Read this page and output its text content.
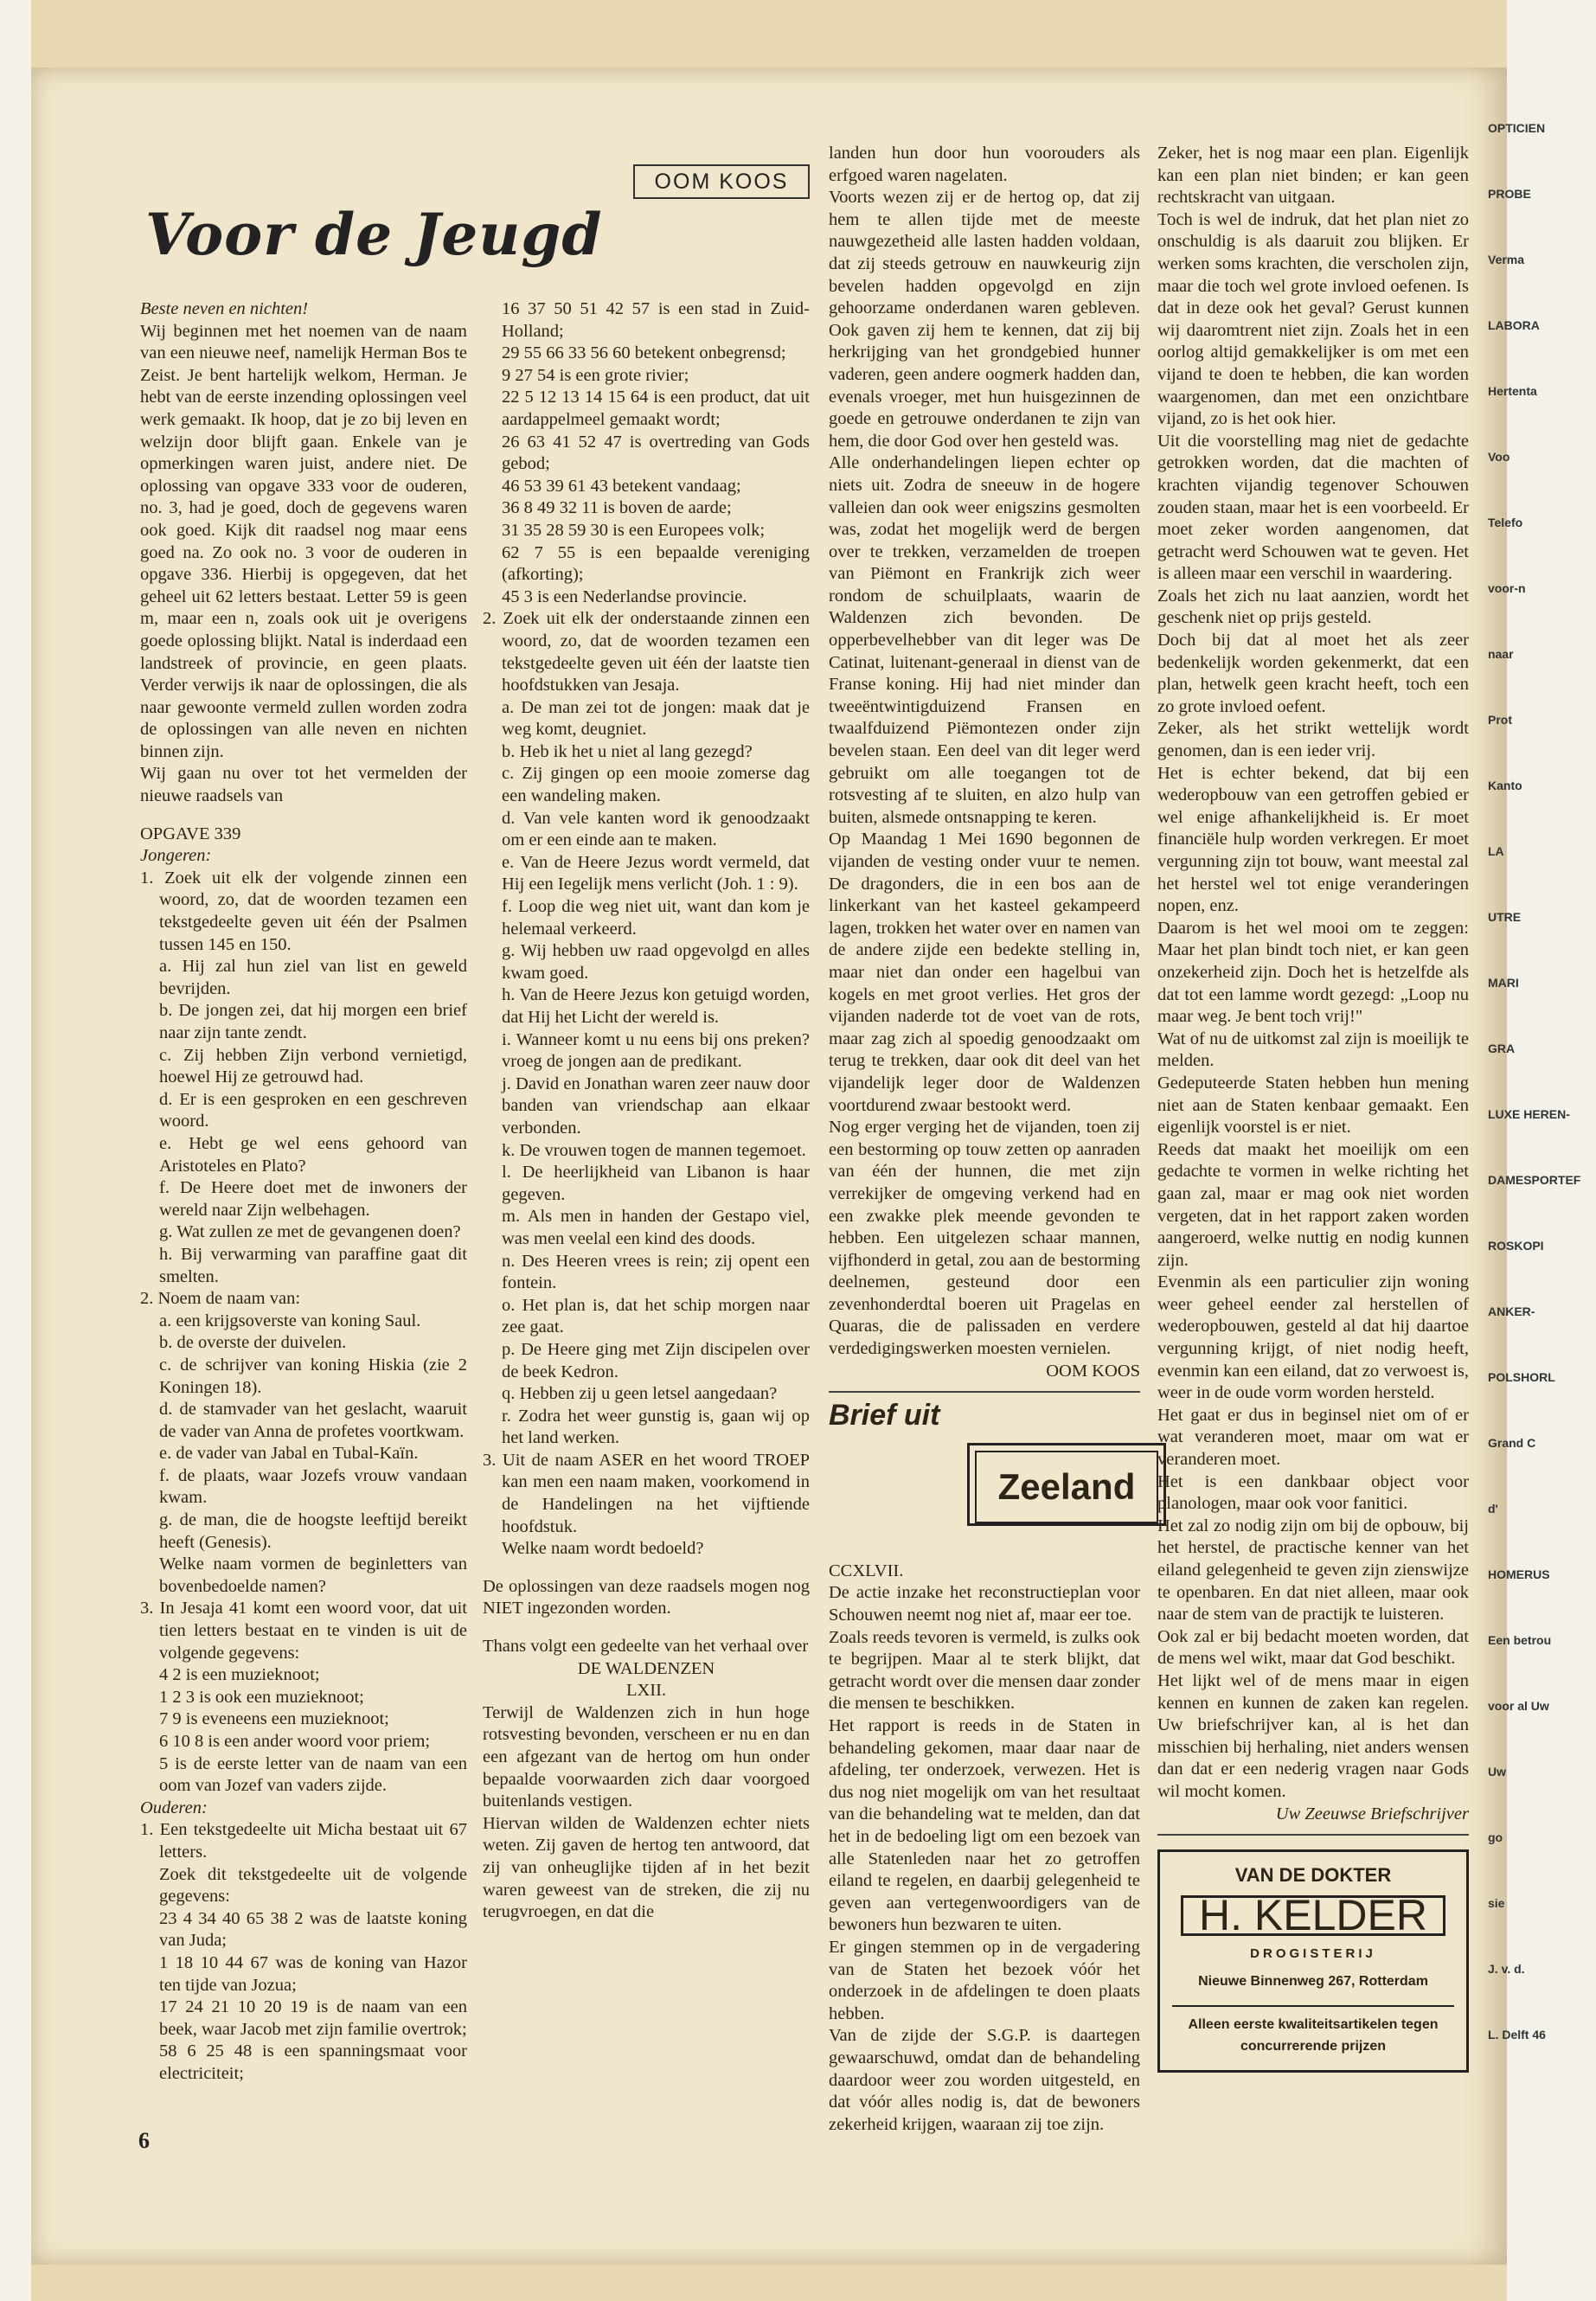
Voor de Jeugd
OOM KOOS

Beste neven en nichten!

Wij beginnen met het noemen van de naam van een nieuwe neef, namelijk Herman Bos te Zeist. Je bent hartelijk welkom, Herman. Je hebt van de eerste inzending oplossingen veel werk gemaakt. Ik hoop, dat je zo bij leven en welzijn door blijft gaan. Enkele van je opmerkingen waren juist, andere niet. De oplossing van opgave 333 voor de ouderen, no. 3, had je goed, doch de gegevens waren ook goed. Kijk dit raadsel nog maar eens goed na. Zo ook no. 3 voor de ouderen in opgave 336. Hierbij is opgegeven, dat het geheel uit 62 letters bestaat. Letter 59 is geen m, maar een n, zoals ook uit je overigens goede oplossing blijkt. Natal is inderdaad een landstreek of provincie, en geen plaats. Verder verwijs ik naar de oplossingen, die als naar gewoonte vermeld zullen worden zodra de oplossingen van alle neven en nichten binnen zijn.

Wij gaan nu over tot het vermelden der nieuwe raadsels van

OPGAVE 339

Jongeren:

1. Zoek uit elk der volgende zinnen een woord, zo, dat de woorden tezamen een tekstgedeelte geven uit één der Psalmen tussen 145 en 150.

a. Hij zal hun ziel van list en geweld bevrijden.

b. De jongen zei, dat hij morgen een brief naar zijn tante zendt.

c. Zij hebben Zijn verbond vernietigd, hoewel Hij ze getrouwd had.

d. Er is een gesproken en een geschreven woord.

e. Hebt ge wel eens gehoord van Aristoteles en Plato?

f. De Heere doet met de inwoners der wereld naar Zijn welbehagen.

g. Wat zullen ze met de gevangenen doen?

h. Bij verwarming van paraffine gaat dit smelten.

2. Noem de naam van:

a. een krijgsoverste van koning Saul.

b. de overste der duivelen.

c. de schrijver van koning Hiskia (zie 2 Koningen 18).

d. de stamvader van het geslacht, waaruit de vader van Anna de profetes voortkwam.

e. de vader van Jabal en Tubal-Kaïn.

f. de plaats, waar Jozefs vrouw vandaan kwam.

g. de man, die de hoogste leeftijd bereikt heeft (Genesis).

Welke naam vormen de beginletters van bovenbedoelde namen?

3. In Jesaja 41 komt een woord voor, dat uit tien letters bestaat en te vinden is uit de volgende gegevens:

4 2 is een muzieknoot;

1 2 3 is ook een muzieknoot;

7 9 is eveneens een muzieknoot;

6 10 8 is een ander woord voor priem;

5 is de eerste letter van de naam van een oom van Jozef van vaders zijde.

Ouderen:

1. Een tekstgedeelte uit Micha bestaat uit 67 letters.

Zoek dit tekstgedeelte uit de volgende gegevens:

23 4 34 40 65 38 2 was de laatste koning van Juda;

1 18 10 44 67 was de koning van Hazor ten tijde van Jozua;

17 24 21 10 20 19 is de naam van een beek, waar Jacob met zijn familie overtrok;

58 6 25 48 is een spanningsmaat voor electriciteit;

16 37 50 51 42 57 is een stad in Zuid-Holland;

29 55 66 33 56 60 betekent onbegrensd;

9 27 54 is een grote rivier;

22 5 12 13 14 15 64 is een product, dat uit aardappelmeel gemaakt wordt;

26 63 41 52 47 is overtreding van Gods gebod;

46 53 39 61 43 betekent vandaag;

36 8 49 32 11 is boven de aarde;

31 35 28 59 30 is een Europees volk;

62 7 55 is een bepaalde vereniging (afkorting);

45 3 is een Nederlandse provincie.

2. Zoek uit elk der onderstaande zinnen een woord, zo, dat de woorden tezamen een tekstgedeelte geven uit één der laatste tien hoofdstukken van Jesaja.

a. De man zei tot de jongen: maak dat je weg komt, deugniet.

b. Heb ik het u niet al lang gezegd?

c. Zij gingen op een mooie zomerse dag een wandeling maken.

d. Van vele kanten word ik genoodzaakt om er een einde aan te maken.

e. Van de Heere Jezus wordt vermeld, dat Hij een Iegelijk mens verlicht (Joh. 1 : 9).

f. Loop die weg niet uit, want dan kom je helemaal verkeerd.

g. Wij hebben uw raad opgevolgd en alles kwam goed.

h. Van de Heere Jezus kon getuigd worden, dat Hij het Licht der wereld is.

i. Wanneer komt u nu eens bij ons preken? vroeg de jongen aan de predikant.

j. David en Jonathan waren zeer nauw door banden van vriendschap aan elkaar verbonden.

k. De vrouwen togen de mannen tegemoet.

l. De heerlijkheid van Libanon is haar gegeven.

m. Als men in handen der Gestapo viel, was men veelal een kind des doods.

n. Des Heeren vrees is rein; zij opent een fontein.

o. Het plan is, dat het schip morgen naar zee gaat.

p. De Heere ging met Zijn discipelen over de beek Kedron.

q. Hebben zij u geen letsel aangedaan?

r. Zodra het weer gunstig is, gaan wij op het land werken.

3. Uit de naam ASER en het woord TROEP kan men een naam maken, voorkomend in de Handelingen na het vijftiende hoofdstuk.

Welke naam wordt bedoeld?

De oplossingen van deze raadsels mogen nog NIET ingezonden worden.

Thans volgt een gedeelte van het verhaal over

DE WALDENZEN

LXII.

Terwijl de Waldenzen zich in hun hoge rotsvesting bevonden, verscheen er nu en dan een afgezant van de hertog om hun onder bepaalde voorwaarden zich daar voorgoed buitenlands vestigen.

Hiervan wilden de Waldenzen echter niets weten. Zij gaven de hertog ten antwoord, dat zij van onheuglijke tijden af in het bezit waren geweest van de streken, die zij nu terugvroegen, en dat die

landen hun door hun voorouders als erfgoed waren nagelaten.

Voorts wezen zij er de hertog op, dat zij hem te allen tijde met de meeste nauwgezetheid alle lasten hadden voldaan, dat zij steeds getrouw en nauwkeurig zijn bevelen hadden opgevolgd en zijn gehoorzame onderdanen waren gebleven. Ook gaven zij hem te kennen, dat zij bij herkrijging van het grondgebied hunner vaderen, geen andere oogmerk hadden dan, evenals vroeger, met hun huisgezinnen de goede en getrouwe onderdanen te zijn van hem, die door God over hen gesteld was.

Alle onderhandelingen liepen echter op niets uit. Zodra de sneeuw in de hogere valleien dan ook weer enigszins gesmolten was, zodat het mogelijk werd de bergen over te trekken, verzamelden de troepen van Piëmont en Frankrijk zich weer rondom de schuilplaats, waarin de Waldenzen zich bevonden. De opperbevelhebber van dit leger was De Catinat, luitenant-generaal in dienst van de Franse koning. Hij had niet minder dan tweeëntwintigduizend Fransen en twaalfduizend Piëmontezen onder zijn bevelen staan. Een deel van dit leger werd gebruikt om alle toegangen tot de rotsvesting af te sluiten, en alzo hulp van buiten, alsmede ontsnapping te keren.

Op Maandag 1 Mei 1690 begonnen de vijanden de vesting onder vuur te nemen. De dragonders, die in een bos aan de linkerkant van het kasteel gekampeerd lagen, trokken het water over en namen van de andere zijde een bedekte stelling in, maar niet dan onder een hagelbui van kogels en met groot verlies. Het gros der vijanden naderde tot de voet van de rots, maar zag zich al spoedig genoodzaakt om terug te trekken, daar ook dit deel van het vijandelijk leger door de Waldenzen voortdurend zwaar bestookt werd.

Nog erger verging het de vijanden, toen zij een bestorming op touw zetten op aanraden van één der hunnen, die met zijn verrekijker de omgeving verkend had en een zwakke plek meende gevonden te hebben. Een uitgelezen schaar mannen, vijfhonderd in getal, zou aan de bestorming deelnemen, gesteund door een zevenhonderdtal boeren uit Pragelas en Quaras, die de palissaden en verdere verdedigingswerken moesten vernielen.

OOM KOOS

Brief uit

Zeeland

CCXLVII.

De actie inzake het reconstructieplan voor Schouwen neemt nog niet af, maar eer toe.

Zoals reeds tevoren is vermeld, is zulks ook te begrijpen. Maar al te sterk blijkt, dat getracht wordt over die mensen daar zonder die mensen te beschikken.

Het rapport is reeds in de Staten in behandeling gekomen, maar daar naar de afdeling, ter onderzoek, verwezen. Het is dus nog niet mogelijk om van het resultaat van die behandeling wat te melden, dan dat het in de bedoeling ligt om een bezoek van alle Statenleden naar het zo getroffen eiland te regelen, en daarbij gelegenheid te geven aan vertegenwoordigers van de bewoners hun bezwaren te uiten.

Er gingen stemmen op in de vergadering van de Staten het bezoek vóór het onderzoek in de afdelingen te doen plaats hebben.

Van de zijde der S.G.P. is daartegen gewaarschuwd, omdat dan de behandeling daardoor weer zou worden uitgesteld, en dat vóór alles nodig is, dat de bewoners zekerheid krijgen, waaraan zij toe zijn.

Zeker, het is nog maar een plan. Eigenlijk kan een plan niet binden; er kan geen rechtskracht van uitgaan.

Toch is wel de indruk, dat het plan niet zo onschuldig is als daaruit zou blijken. Er werken soms krachten, die verscholen zijn, maar die toch wel grote invloed oefenen. Is dat in deze ook het geval? Gerust kunnen wij daaromtrent niet zijn. Zoals het in een oorlog altijd gemakkelijker is om met een vijand te doen te hebben, die kan worden waargenomen, dan met een onzichtbare vijand, zo is het ook hier.

Uit die voorstelling mag niet de gedachte getrokken worden, dat die machten of krachten vijandig tegenover Schouwen zouden staan, maar het is een voorbeeld. Er moet zeker worden aangenomen, dat getracht werd Schouwen wat te geven. Het is alleen maar een verschil in waardering.

Zoals het zich nu laat aanzien, wordt het geschenk niet op prijs gesteld.

Doch bij dat al moet het als zeer bedenkelijk worden gekenmerkt, dat een plan, hetwelk geen kracht heeft, toch een zo grote invloed oefent.

Zeker, als het strikt wettelijk wordt genomen, dan is een ieder vrij.

Het is echter bekend, dat bij een wederopbouw van een getroffen gebied er wel enige afhankelijkheid is. Er moet financiële hulp worden verkregen. Er moet vergunning zijn tot bouw, want meestal zal het herstel wel tot enige veranderingen nopen, enz.

Daarom is het wel mooi om te zeggen: Maar het plan bindt toch niet, er kan geen onzekerheid zijn. Doch het is hetzelfde als dat tot een lamme wordt gezegd: „Loop nu maar weg. Je bent toch vrij!"

Wat of nu de uitkomst zal zijn is moeilijk te melden.

Gedeputeerde Staten hebben hun mening niet aan de Staten kenbaar gemaakt. Een eigenlijk voorstel is er niet.

Reeds dat maakt het moeilijk om een gedachte te vormen in welke richting het gaan zal, maar er mag ook niet worden vergeten, dat in het rapport zaken worden aangeroerd, welke nuttig en nodig kunnen zijn.

Evenmin als een particulier zijn woning weer geheel eender zal herstellen of wederopbouwen, gesteld al dat hij daartoe vergunning krijgt, of niet nodig heeft, evenmin kan een eiland, dat zo verwoest is, weer in de oude vorm worden hersteld.

Het gaat er dus in beginsel niet om of er wat veranderen moet, maar om wat er veranderen moet.

Het is een dankbaar object voor planologen, maar ook voor fanitici.

Het zal zo nodig zijn om bij de opbouw, bij het herstel, de practische kenner van het eiland gelegenheid te geven zijn zienswijze te openbaren. En dat niet alleen, maar ook naar de stem van de practijk te luisteren.

Ook zal er bij bedacht moeten worden, dat de mens wel wikt, maar dat God beschikt.

Het lijkt wel of de mens maar in eigen kennen en kunnen de zaken kan regelen. Uw briefschrijver kan, al is het dan misschien bij herhaling, niet anders wensen dan dat er een nederig vragen naar Gods wil mocht komen.

Uw Zeeuwse Briefschrijver

VAN DE DOKTER
H. KELDER
DROGISTERIJ
Nieuwe Binnenweg 267, Rotterdam
Alleen eerste kwaliteitsartikelen tegen concurrerende prijzen
6
OPTICIEN
PROBE
Verma
LABORA
Hertenta
Voo
Telefo
voor-n
naar
Prot
Kanto
LA
UTRE
MARI
GRA
LUXE HEREN-
DAMESPORTEF
ROSKOPI
ANKER-
POLSHORL
Grand C
d'
HOMERUS
Een betrou
voor al Uw
Uw
go
sie
J. v. d.
L. Delft 46
